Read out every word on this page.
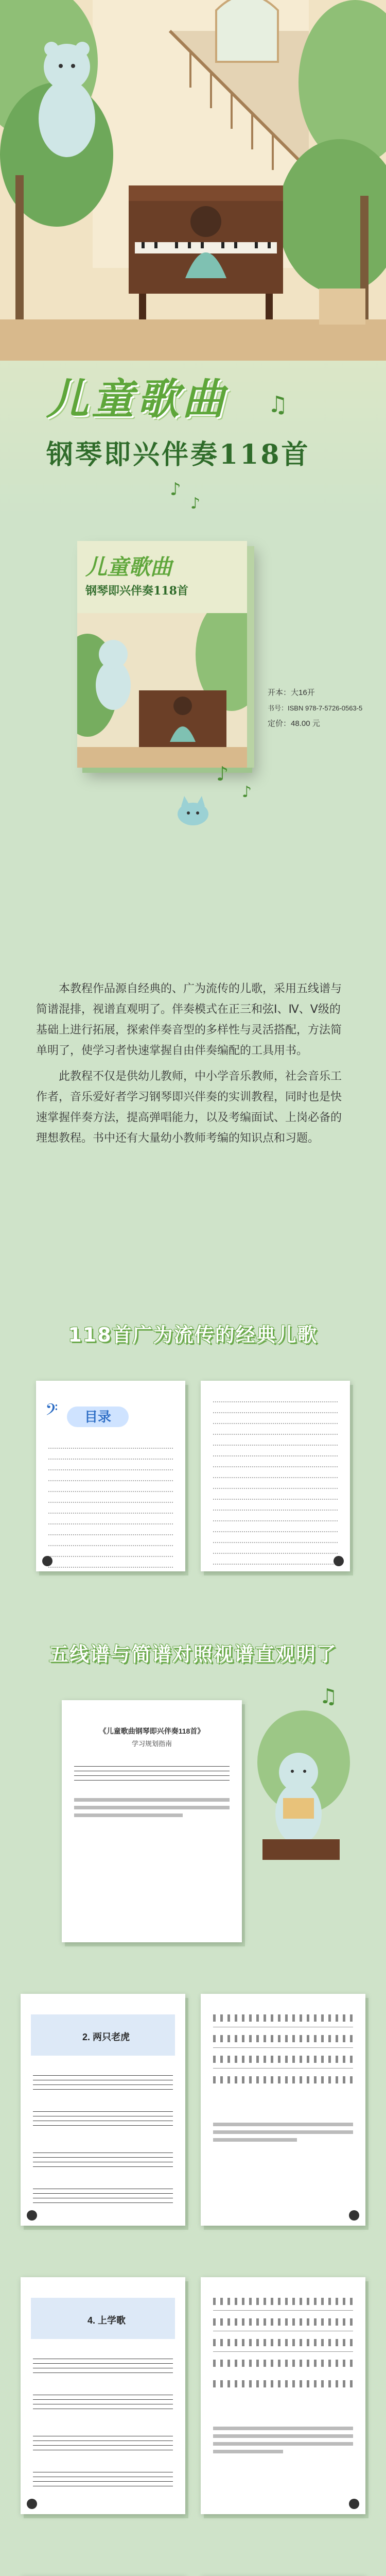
儿童歌曲 ♫
钢琴即兴伴奏118首
♪
♪
儿童歌曲
钢琴即兴伴奏118首
开本：大16开
书号：ISBN 978-7-5726-0563-5
定价：48.00 元
♪
♪

本教程作品源自经典的、广为流传的儿歌，采用五线谱与简谱混排，视谱直观明了。伴奏模式在正三和弦Ⅰ、Ⅳ、Ⅴ级的基础上进行拓展，探索伴奏音型的多样性与灵活搭配，方法简单明了，使学习者快速掌握自由伴奏编配的工具用书。

此教程不仅是供幼儿教师，中小学音乐教师，社会音乐工作者，音乐爱好者学习钢琴即兴伴奏的实训教程，同时也是快速掌握伴奏方法，提高弹唱能力，以及考编面试、上岗必备的理想教程。书中还有大量幼小教师考编的知识点和习题。

118首广为流传的经典儿歌
𝄢	目录
五线谱与简谱对照视谱直观明了
《儿童歌曲钢琴即兴伴奏118首》
学习规划指南
♫
2. 两只老虎
4. 上学歌
